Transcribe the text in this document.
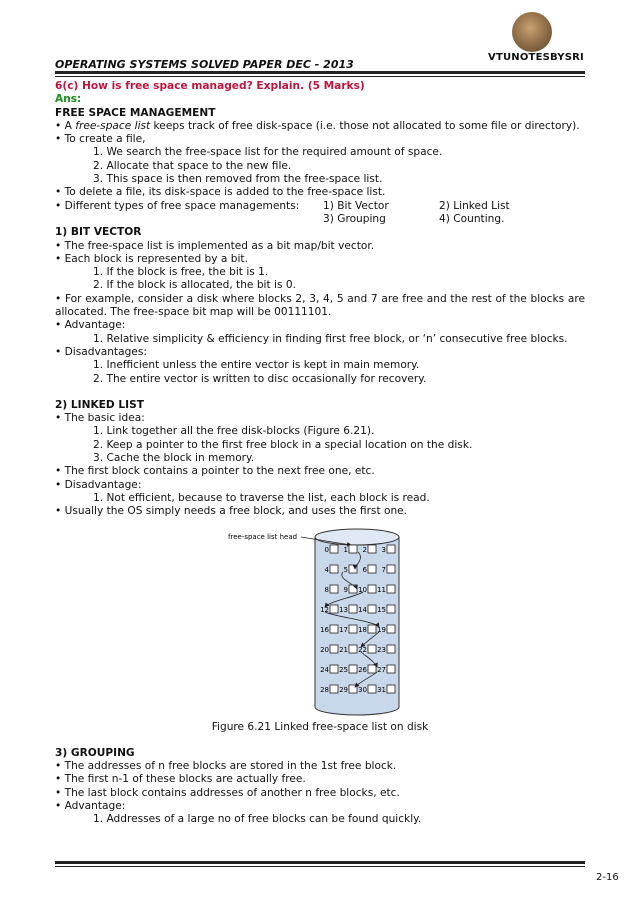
VTUNOTESBYSRI
OPERATING SYSTEMS SOLVED PAPER DEC - 2013
6(c) How is free space managed? Explain. (5 Marks)
Ans:
FREE SPACE MANAGEMENT
• A free-space list keeps track of free disk-space (i.e. those not allocated to some file or directory).
• To create a file,
1. We search the free-space list for the required amount of space.
2. Allocate that space to the new file.
3. This space is then removed from the free-space list.
• To delete a file, its disk-space is added to the free-space list.
• Different types of free space managements: 1) Bit Vector	2) Linked List
3) Grouping	4) Counting.
1) BIT VECTOR
• The free-space list is implemented as a bit map/bit vector.
• Each block is represented by a bit.
1. If the block is free, the bit is 1.
2. If the block is allocated, the bit is 0.
• For example, consider a disk where blocks 2, 3, 4, 5 and 7 are free and the rest of the blocks are allocated. The free-space bit map will be 00111101.
• Advantage:
1. Relative simplicity & efficiency in finding first free block, or ‘n’ consecutive free blocks.
• Disadvantages:
1. Inefficient unless the entire vector is kept in main memory.
2. The entire vector is written to disc occasionally for recovery.
2) LINKED LIST
• The basic idea:
1. Link together all the free disk-blocks (Figure 6.21).
2. Keep a pointer to the first free block in a special location on the disk.
3. Cache the block in memory.
• The first block contains a pointer to the next free one, etc.
• Disadvantage:
1. Not efficient, because to traverse the list, each block is read.
• Usually the OS simply needs a free block, and uses the first one.
free-space list head
0 1 2 3
4 5 6 7
8 9 10 11
12 13 14 15
16 17 18 19
20 21 22 23
24 25 26 27
28 29 30 31
Figure 6.21 Linked free-space list on disk
3) GROUPING
• The addresses of n free blocks are stored in the 1st free block.
• The first n-1 of these blocks are actually free.
• The last block contains addresses of another n free blocks, etc.
• Advantage:
1. Addresses of a large no of free blocks can be found quickly.
2-16
